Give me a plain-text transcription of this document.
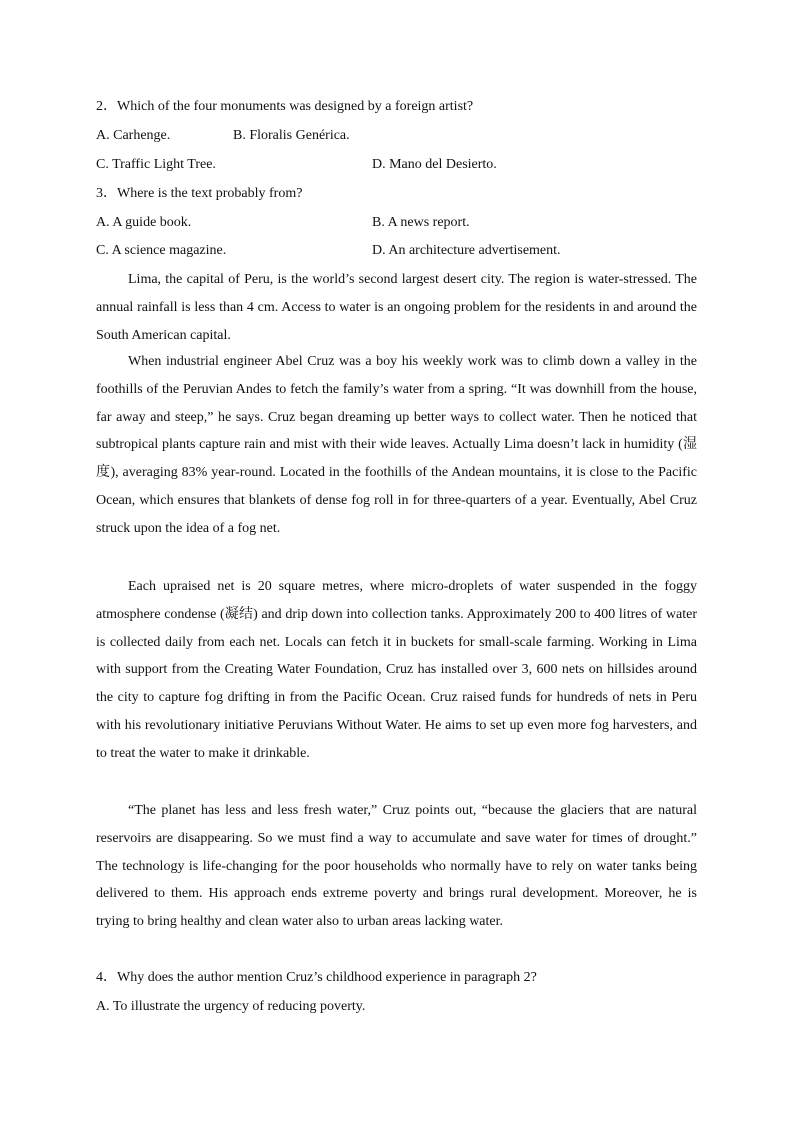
2．Which of the four monuments was designed by a foreign artist?
A. Carhenge.	B. Floralis Genérica.
C. Traffic Light Tree.	D. Mano del Desierto.
3．Where is the text probably from?
A. A guide book.	B. A news report.
C. A science magazine.	D. An architecture advertisement.

Lima, the capital of Peru, is the world’s second largest desert city. The region is water-stressed. The annual rainfall is less than 4 cm. Access to water is an ongoing problem for the residents in and around the South American capital.

When industrial engineer Abel Cruz was a boy his weekly work was to climb down a valley in the foothills of the Peruvian Andes to fetch the family’s water from a spring. “It was downhill from the house, far away and steep,” he says. Cruz began dreaming up better ways to collect water. Then he noticed that subtropical plants capture rain and mist with their wide leaves. Actually Lima doesn’t lack in humidity (湿度), averaging 83% year-round. Located in the foothills of the Andean mountains, it is close to the Pacific Ocean, which ensures that blankets of dense fog roll in for three-quarters of a year. Eventually, Abel Cruz struck upon the idea of a fog net.

Each upraised net is 20 square metres, where micro-droplets of water suspended in the foggy atmosphere condense (凝结) and drip down into collection tanks. Approximately 200 to 400 litres of water is collected daily from each net. Locals can fetch it in buckets for small-scale farming. Working in Lima with support from the Creating Water Foundation, Cruz has installed over 3, 600 nets on hillsides around the city to capture fog drifting in from the Pacific Ocean. Cruz raised funds for hundreds of nets in Peru with his revolutionary initiative Peruvians Without Water. He aims to set up even more fog harvesters, and to treat the water to make it drinkable.

“The planet has less and less fresh water,” Cruz points out, “because the glaciers that are natural reservoirs are disappearing. So we must find a way to accumulate and save water for times of drought.” The technology is life-changing for the poor households who normally have to rely on water tanks being delivered to them. His approach ends extreme poverty and brings rural development. Moreover, he is trying to bring healthy and clean water also to urban areas lacking water.

4．Why does the author mention Cruz’s childhood experience in paragraph 2?
A. To illustrate the urgency of reducing poverty.
